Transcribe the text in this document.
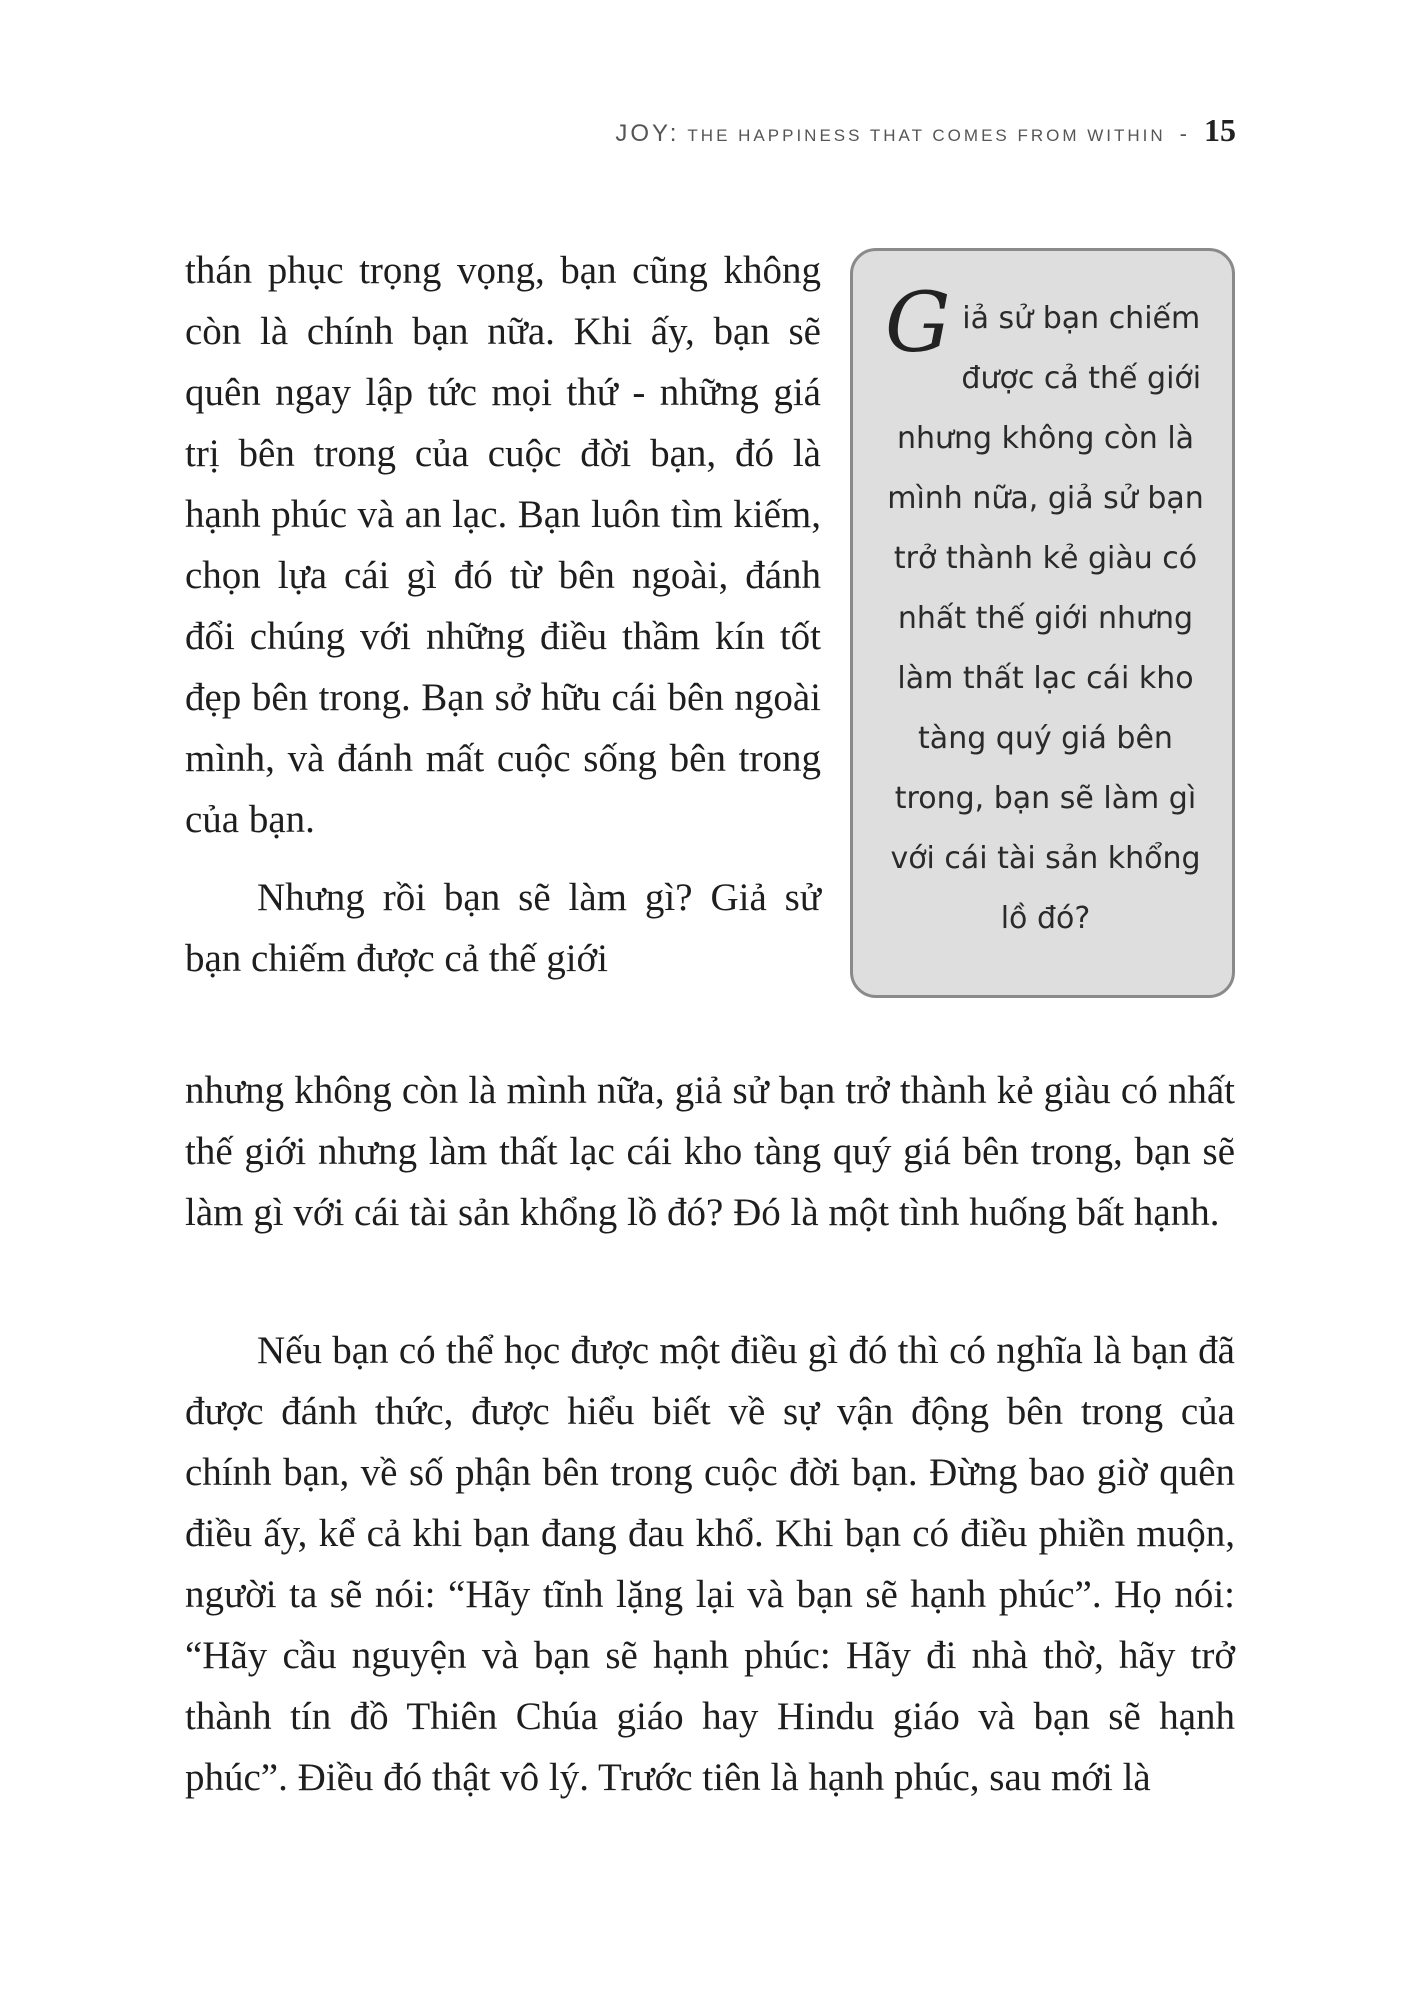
JOY: THE HAPPINESS THAT COMES FROM WITHIN - 15

thán phục trọng vọng, bạn cũng không còn là chính bạn nữa. Khi ấy, bạn sẽ quên ngay lập tức mọi thứ - những giá trị bên trong của cuộc đời bạn, đó là hạnh phúc và an lạc. Bạn luôn tìm kiếm, chọn lựa cái gì đó từ bên ngoài, đánh đổi chúng với những điều thầm kín tốt đẹp bên trong. Bạn sở hữu cái bên ngoài mình, và đánh mất cuộc sống bên trong của bạn.

Nhưng rồi bạn sẽ làm gì? Giả sử bạn chiếm được cả thế giới

G iả sử bạn chiếm được cả thế giới nhưng không còn là mình nữa, giả sử bạn trở thành kẻ giàu có nhất thế giới nhưng làm thất lạc cái kho tàng quý giá bên trong, bạn sẽ làm gì với cái tài sản khổng lồ đó?

nhưng không còn là mình nữa, giả sử bạn trở thành kẻ giàu có nhất thế giới nhưng làm thất lạc cái kho tàng quý giá bên trong, bạn sẽ làm gì với cái tài sản khổng lồ đó? Đó là một tình huống bất hạnh.

Nếu bạn có thể học được một điều gì đó thì có nghĩa là bạn đã được đánh thức, được hiểu biết về sự vận động bên trong của chính bạn, về số phận bên trong cuộc đời bạn. Đừng bao giờ quên điều ấy, kể cả khi bạn đang đau khổ. Khi bạn có điều phiền muộn, người ta sẽ nói: “Hãy tĩnh lặng lại và bạn sẽ hạnh phúc”. Họ nói: “Hãy cầu nguyện và bạn sẽ hạnh phúc: Hãy đi nhà thờ, hãy trở thành tín đồ Thiên Chúa giáo hay Hindu giáo và bạn sẽ hạnh phúc”. Điều đó thật vô lý. Trước tiên là hạnh phúc, sau mới là
